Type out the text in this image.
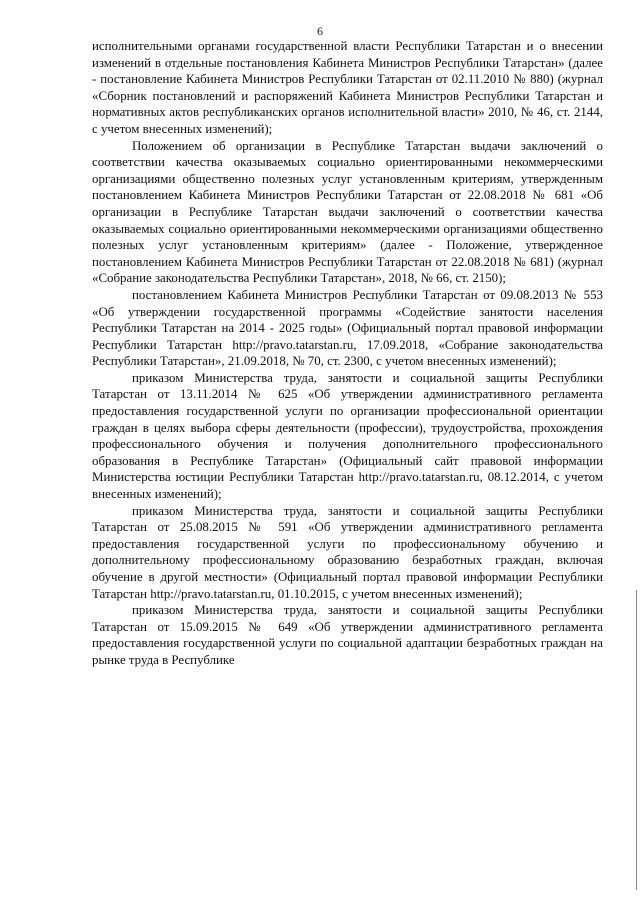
6

исполнительными органами государственной власти Республики Татарстан и о внесении изменений в отдельные постановления Кабинета Министров Республики Татарстан» (далее - постановление Кабинета Министров Республики Татарстан от 02.11.2010 № 880) (журнал «Сборник постановлений и распоряжений Кабинета Министров Республики Татарстан и нормативных актов республиканских органов исполнительной власти» 2010, № 46, ст. 2144, с учетом внесенных изменений);

Положением об организации в Республике Татарстан выдачи заключений о соответствии качества оказываемых социально ориентированными некоммерческими организациями общественно полезных услуг установленным критериям, утвержденным постановлением Кабинета Министров Республики Татарстан от 22.08.2018 № 681 «Об организации в Республике Татарстан выдачи заключений о соответствии качества оказываемых социально ориентированными некоммерческими организациями общественно полезных услуг установленным критериям» (далее - Положение, утвержденное постановлением Кабинета Министров Республики Татарстан от 22.08.2018 № 681) (журнал «Собрание законодательства Республики Татарстан», 2018, № 66, ст. 2150);

постановлением Кабинета Министров Республики Татарстан от 09.08.2013 № 553 «Об утверждении государственной программы «Содействие занятости населения Республики Татарстан на 2014 - 2025 годы» (Официальный портал правовой информации Республики Татарстан http://pravo.tatarstan.ru, 17.09.2018, «Собрание законодательства Республики Татарстан», 21.09.2018, № 70, ст. 2300, с учетом внесенных изменений);

приказом Министерства труда, занятости и социальной защиты Республики Татарстан от 13.11.2014 № 625 «Об утверждении административного регламента предоставления государственной услуги по организации профессиональной ориентации граждан в целях выбора сферы деятельности (профессии), трудоустройства, прохождения профессионального обучения и получения дополнительного профессионального образования в Республике Татарстан» (Официальный сайт правовой информации Министерства юстиции Республики Татарстан http://pravo.tatarstan.ru, 08.12.2014, с учетом внесенных изменений);

приказом Министерства труда, занятости и социальной защиты Республики Татарстан от 25.08.2015 № 591 «Об утверждении административного регламента предоставления государственной услуги по профессиональному обучению и дополнительному профессиональному образованию безработных граждан, включая обучение в другой местности» (Официальный портал правовой информации Республики Татарстан http://pravo.tatarstan.ru, 01.10.2015, с учетом внесенных изменений);

приказом Министерства труда, занятости и социальной защиты Республики Татарстан от 15.09.2015 № 649 «Об утверждении административного регламента предоставления государственной услуги по социальной адаптации безработных граждан на рынке труда в Республике
